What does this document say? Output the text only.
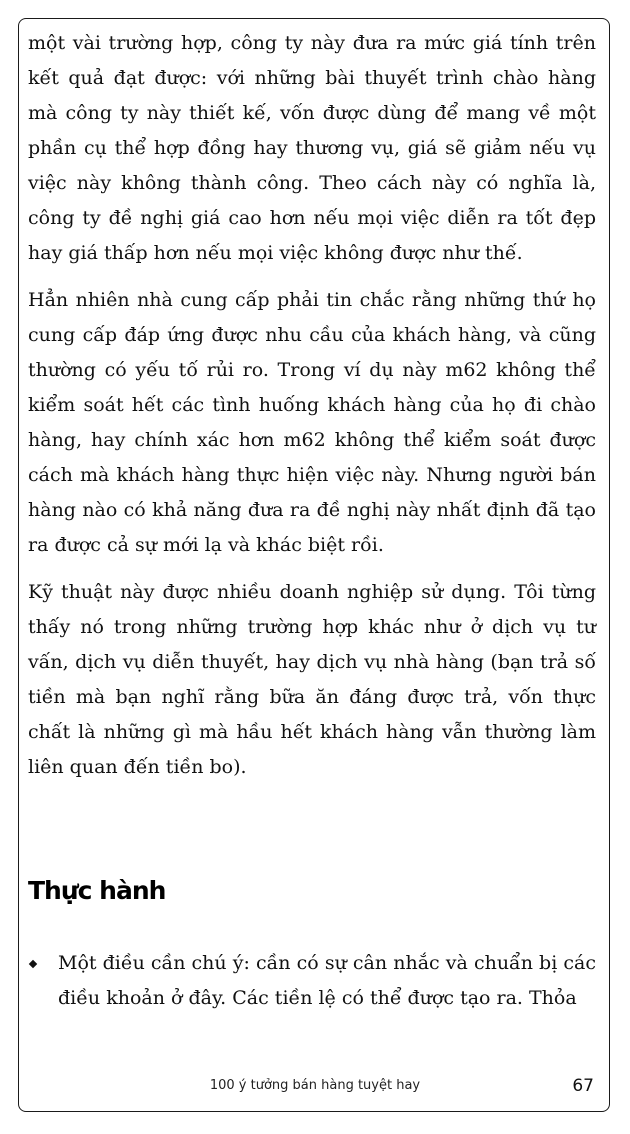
một vài trường hợp, công ty này đưa ra mức giá tính trên kết quả đạt được: với những bài thuyết trình chào hàng mà công ty này thiết kế, vốn được dùng để mang về một phần cụ thể hợp đồng hay thương vụ, giá sẽ giảm nếu vụ việc này không thành công. Theo cách này có nghĩa là, công ty đề nghị giá cao hơn nếu mọi việc diễn ra tốt đẹp hay giá thấp hơn nếu mọi việc không được như thế.

Hẳn nhiên nhà cung cấp phải tin chắc rằng những thứ họ cung cấp đáp ứng được nhu cầu của khách hàng, và cũng thường có yếu tố rủi ro. Trong ví dụ này m62 không thể kiểm soát hết các tình huống khách hàng của họ đi chào hàng, hay chính xác hơn m62 không thể kiểm soát được cách mà khách hàng thực hiện việc này. Nhưng người bán hàng nào có khả năng đưa ra đề nghị này nhất định đã tạo ra được cả sự mới lạ và khác biệt rồi.

Kỹ thuật này được nhiều doanh nghiệp sử dụng. Tôi từng thấy nó trong những trường hợp khác như ở dịch vụ tư vấn, dịch vụ diễn thuyết, hay dịch vụ nhà hàng (bạn trả số tiền mà bạn nghĩ rằng bữa ăn đáng được trả, vốn thực chất là những gì mà hầu hết khách hàng vẫn thường làm liên quan đến tiền bo).

Thực hành
Một điều cần chú ý: cần có sự cân nhắc và chuẩn bị các điều khoản ở đây. Các tiền lệ có thể được tạo ra. Thỏa
100 ý tưởng bán hàng tuyệt hay	67
